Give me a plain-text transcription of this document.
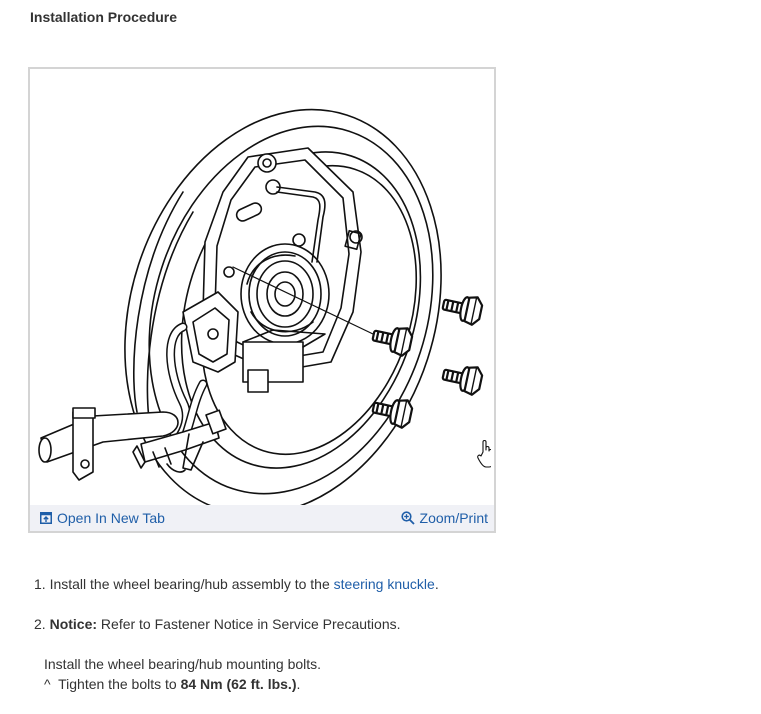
Installation Procedure
Open In New Tab	Zoom/Print

1. Install the wheel bearing/hub assembly to the steering knuckle.

2. Notice: Refer to Fastener Notice in Service Precautions.

Install the wheel bearing/hub mounting bolts.

^ Tighten the bolts to 84 Nm (62 ft. lbs.).
